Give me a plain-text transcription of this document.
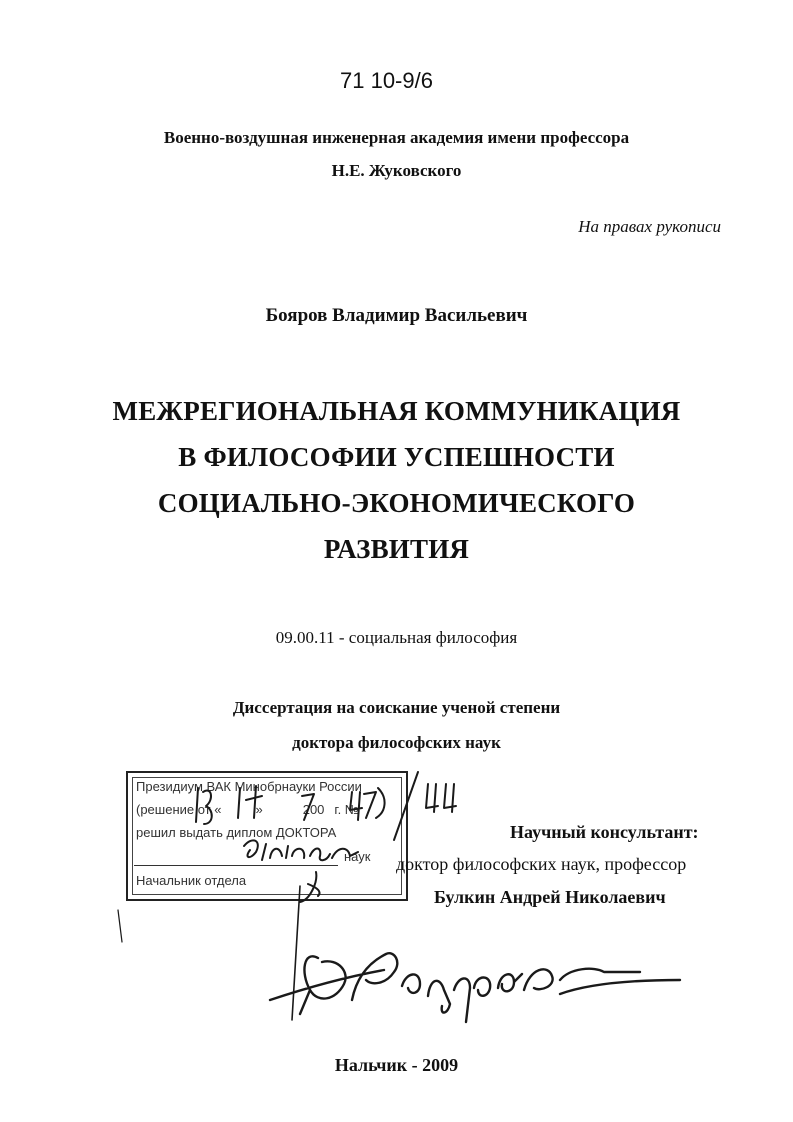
71 10-9/6
Военно-воздушная инженерная академия имени профессора
Н.Е. Жуковского
На правах рукописи
Бояров Владимир Васильевич
МЕЖРЕГИОНАЛЬНАЯ КОММУНИКАЦИЯ
В ФИЛОСОФИИ УСПЕШНОСТИ
СОЦИАЛЬНО-ЭКОНОМИЧЕСКОГО
РАЗВИТИЯ
09.00.11 - социальная философия
Диссертация на соискание ученой степени
доктора философских наук
Президиум ВАК Минобрнауки России
(решение от «	»	200 г. №
решил выдать диплом ДОКТОРА
наук
Начальник отдела
Научный консультант:
доктор философских наук, профессор
Булкин Андрей Николаевич
Нальчик - 2009
